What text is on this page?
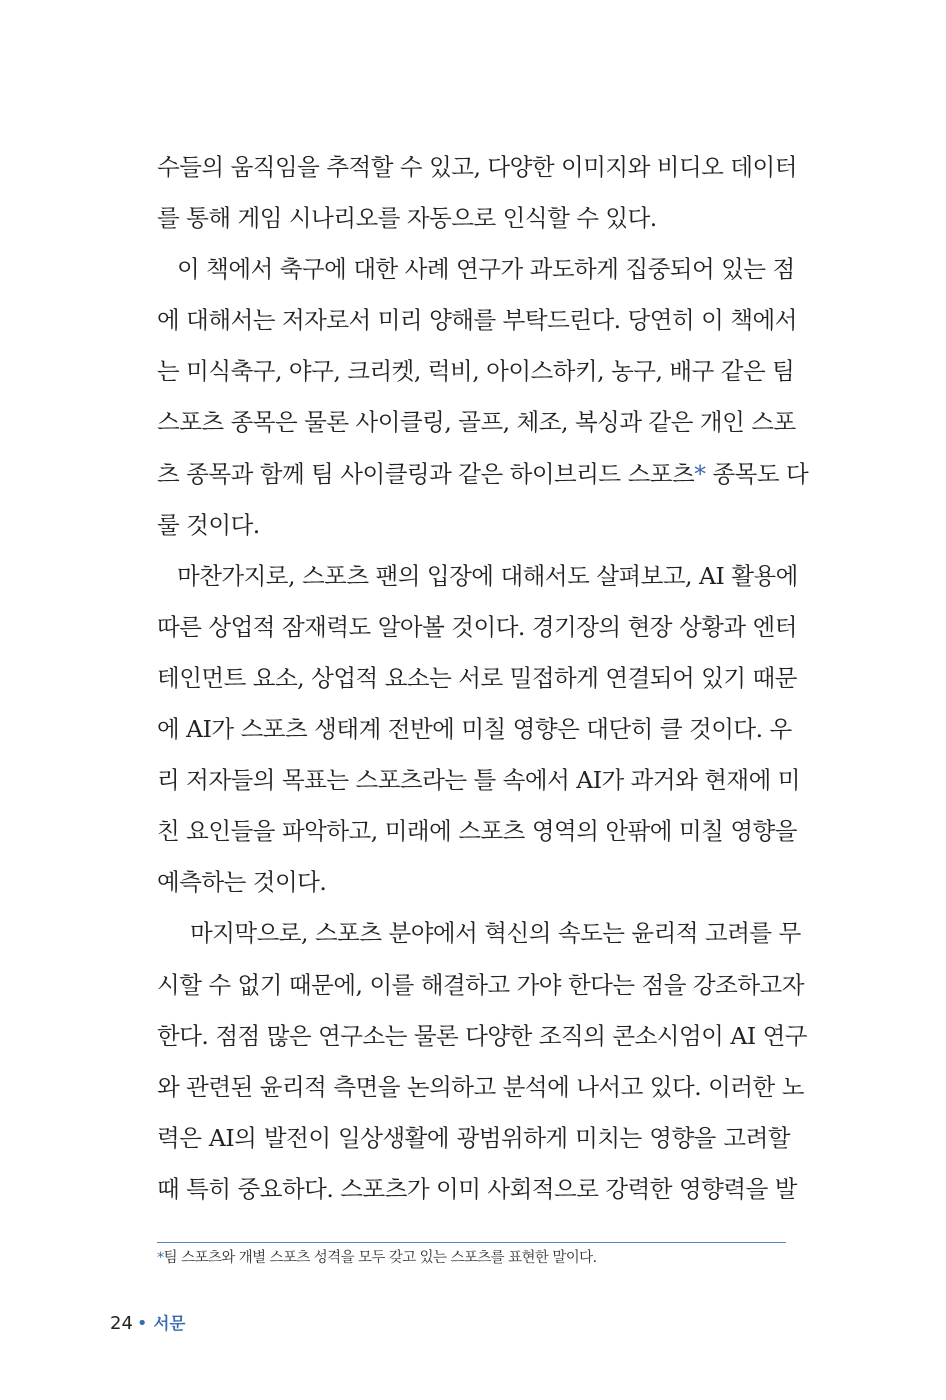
수들의 움직임을 추적할 수 있고, 다양한 이미지와 비디오 데이터
를 통해 게임 시나리오를 자동으로 인식할 수 있다.
이 책에서 축구에 대한 사례 연구가 과도하게 집중되어 있는 점
에 대해서는 저자로서 미리 양해를 부탁드린다. 당연히 이 책에서
는 미식축구, 야구, 크리켓, 럭비, 아이스하키, 농구, 배구 같은 팀
스포츠 종목은 물론 사이클링, 골프, 체조, 복싱과 같은 개인 스포
츠 종목과 함께 팀 사이클링과 같은 하이브리드 스포츠* 종목도 다
룰 것이다.
마찬가지로, 스포츠 팬의 입장에 대해서도 살펴보고, AI 활용에
따른 상업적 잠재력도 알아볼 것이다. 경기장의 현장 상황과 엔터
테인먼트 요소, 상업적 요소는 서로 밀접하게 연결되어 있기 때문
에 AI가 스포츠 생태계 전반에 미칠 영향은 대단히 클 것이다. 우
리 저자들의 목표는 스포츠라는 틀 속에서 AI가 과거와 현재에 미
친 요인들을 파악하고, 미래에 스포츠 영역의 안팎에 미칠 영향을
예측하는 것이다.
마지막으로, 스포츠 분야에서 혁신의 속도는 윤리적 고려를 무
시할 수 없기 때문에, 이를 해결하고 가야 한다는 점을 강조하고자
한다. 점점 많은 연구소는 물론 다양한 조직의 콘소시엄이 AI 연구
와 관련된 윤리적 측면을 논의하고 분석에 나서고 있다. 이러한 노
력은 AI의 발전이 일상생활에 광범위하게 미치는 영향을 고려할
때 특히 중요하다. 스포츠가 이미 사회적으로 강력한 영향력을 발
*팀 스포츠와 개별 스포츠 성격을 모두 갖고 있는 스포츠를 표현한 말이다.
24 • 서문
